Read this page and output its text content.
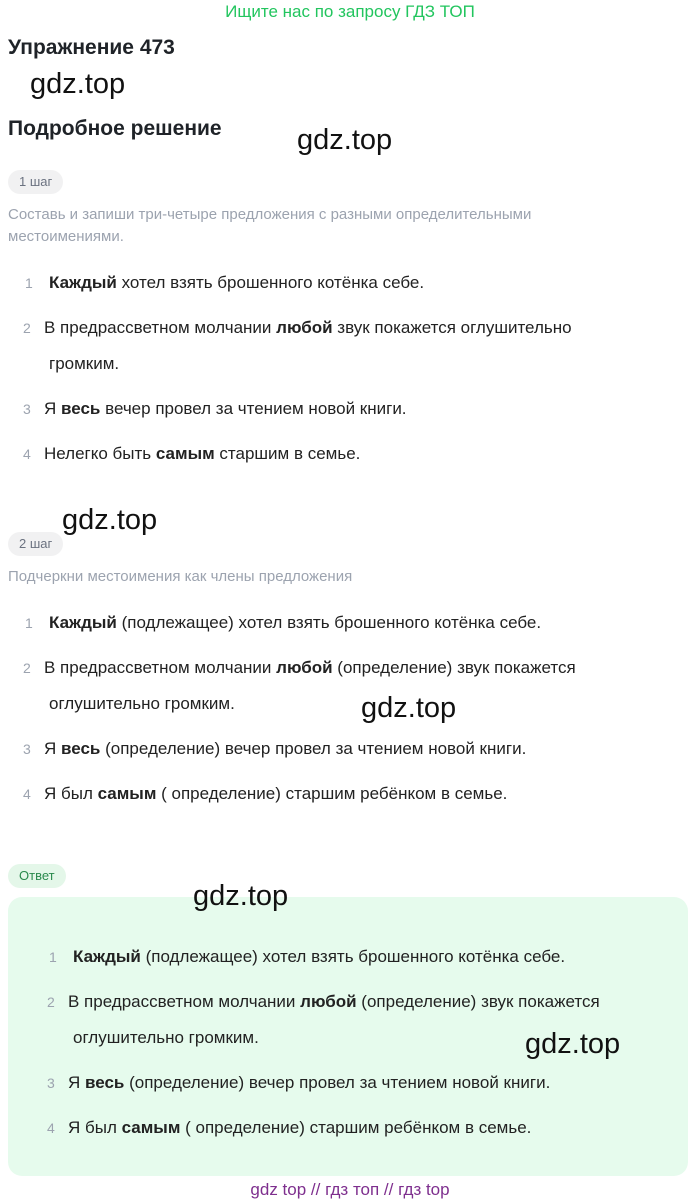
Ищите нас по запросу ГДЗ ТОП
Упражнение 473
gdz.top
Подробное решение	gdz.top
1 шаг
Составь и запиши три-четыре предложения с разными определительными местоимениями.
1 Каждый хотел взять брошенного котёнка себе.
2 В предрассветном молчании любой звук покажется оглушительно
громким.
3 Я весь вечер провел за чтением новой книги.
4 Нелегко быть самым старшим в семье.
gdz.top
2 шаг
Подчеркни местоимения как члены предложения
1 Каждый (подлежащее) хотел взять брошенного котёнка себе.
2 В предрассветном молчании любой (определение) звук покажется
оглушительно громким.	gdz.top
3 Я весь (определение) вечер провел за чтением новой книги.
4 Я был самым ( определение) старшим ребёнком в семье.
Ответ
gdz.top
1 Каждый (подлежащее) хотел взять брошенного котёнка себе.
2 В предрассветном молчании любой (определение) звук покажется
оглушительно громким.	gdz.top
3 Я весь (определение) вечер провел за чтением новой книги.
4 Я был самым ( определение) старшим ребёнком в семье.
gdz top // гдз топ // гдз top
